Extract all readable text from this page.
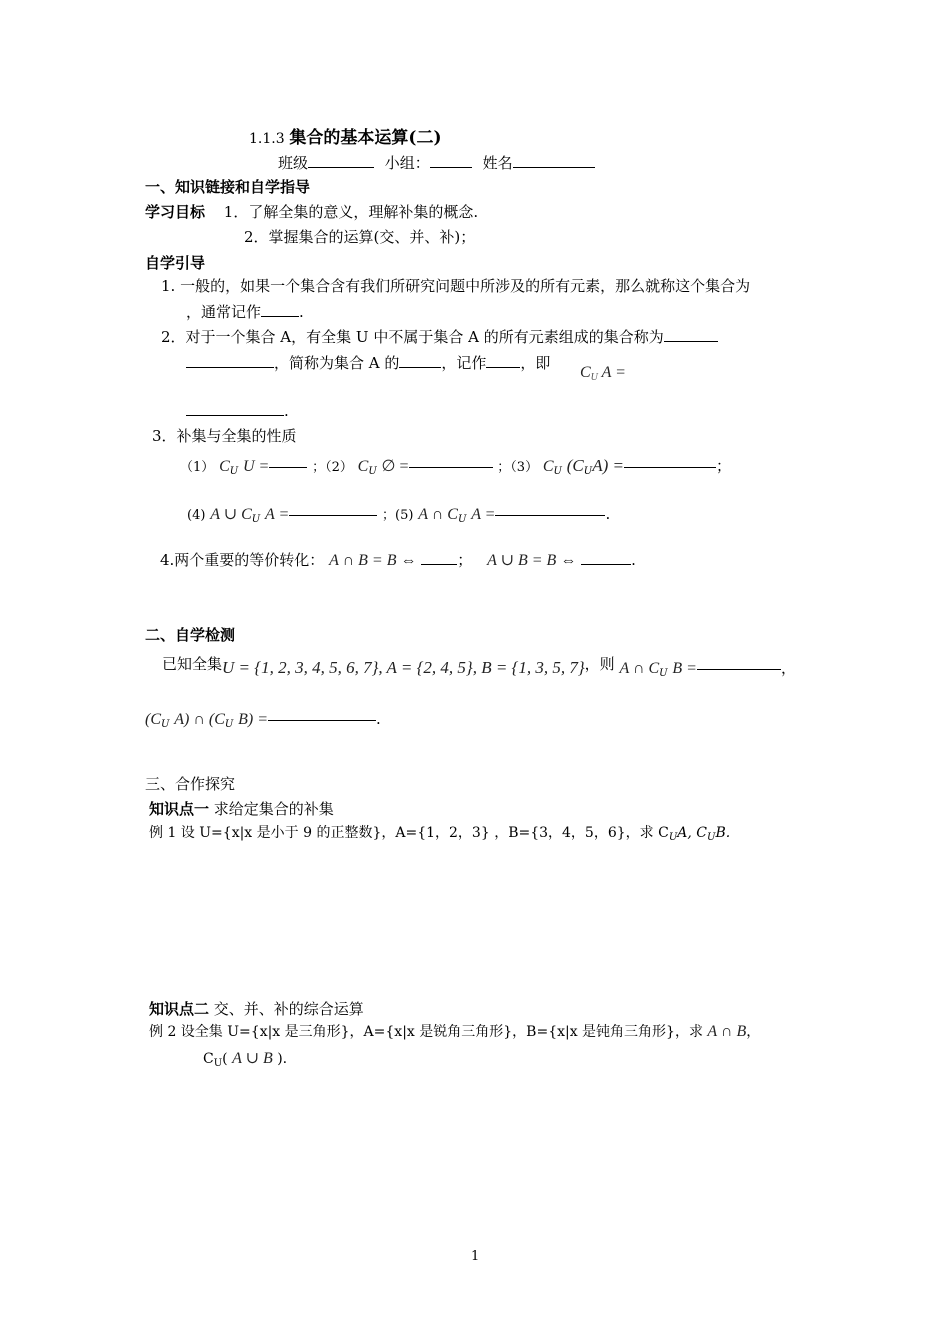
1.1.3 集合的基本运算(二)
班级	小组：	姓名
一、知识链接和自学指导
学习目标 1．了解全集的意义，理解补集的概念.
2．掌握集合的运算(交、并、补)；
自学引导
1. 一般的，如果一个集合含有我们所研究问题中所涉及的所有元素，那么就称这个集合为
，通常记作	.
2．对于一个集合 A，有全集 U 中不属于集合 A 的所有元素组成的集合称为
，简称为集合 A 的	，记作 ，即
$C_U$ A =
.
3．补集与全集的性质
（1） $C_U$ U =	；（2） $C_U$ ∅ =	；（3） $C_U$ $(C_UA)$ =	；
(4) A ∪ $C_U$ A =	；(5) A ∩ $C_U$ A =	.
4.两个重要的等价转化： A ∩ B = B ⇔	； A ∪ B = B ⇔	.
二、自学检测
已知全集U = {1, 2, 3, 4, 5, 6, 7}, A = {2, 4, 5}, B = {1, 3, 5, 7}，则 A ∩ $C_U$ B =	，
($C_U$ A) ∩ ($C_U$ B) =	.
三、合作探究
知识点一 求给定集合的补集
例 1 设 U={x|x 是小于 9 的正整数}，A={1，2，3} ，B={3，4，5，6}，求 $C_UA$, $C_UB$.
知识点二 交、并、补的综合运算
例 2 设全集 U={x|x 是三角形}，A={x|x 是锐角三角形}，B={x|x 是钝角三角形}，求 A ∩ B，
$C_U$( A ∪ B ).
1
